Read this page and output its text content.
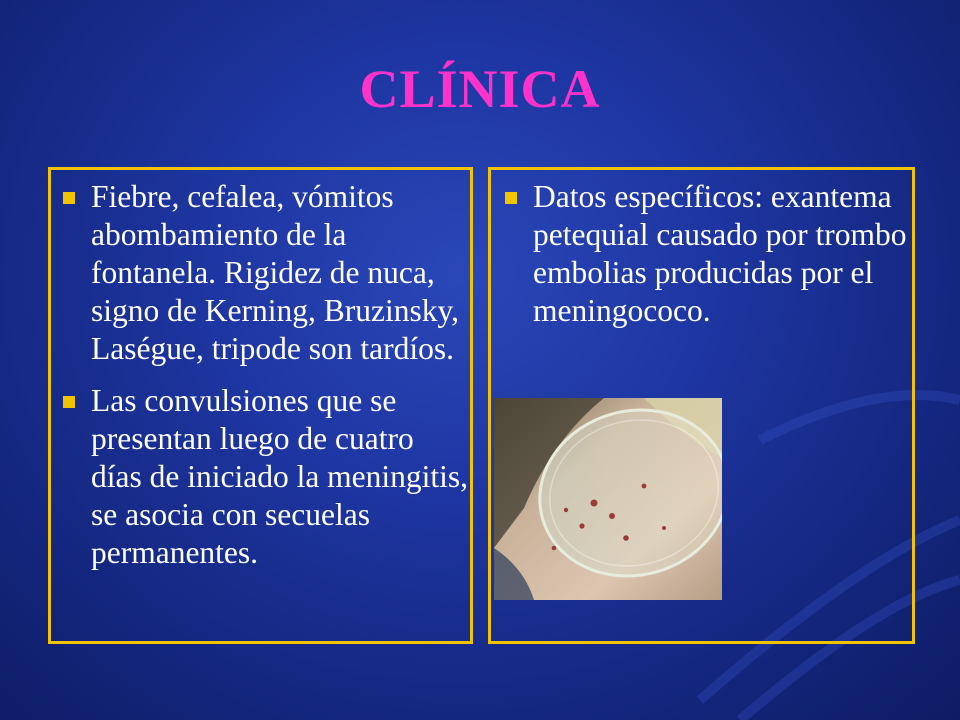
CLÍNICA
Fiebre, cefalea, vómitos abombamiento de la fontanela. Rigidez de nuca, signo de Kerning, Bruzinsky, Laségue, tripode son tardíos.
Las convulsiones que se presentan luego de cuatro días de iniciado la meningitis, se asocia con secuelas permanentes.
Datos específicos: exantema petequial causado por trombo embolias producidas por el meningococo.
